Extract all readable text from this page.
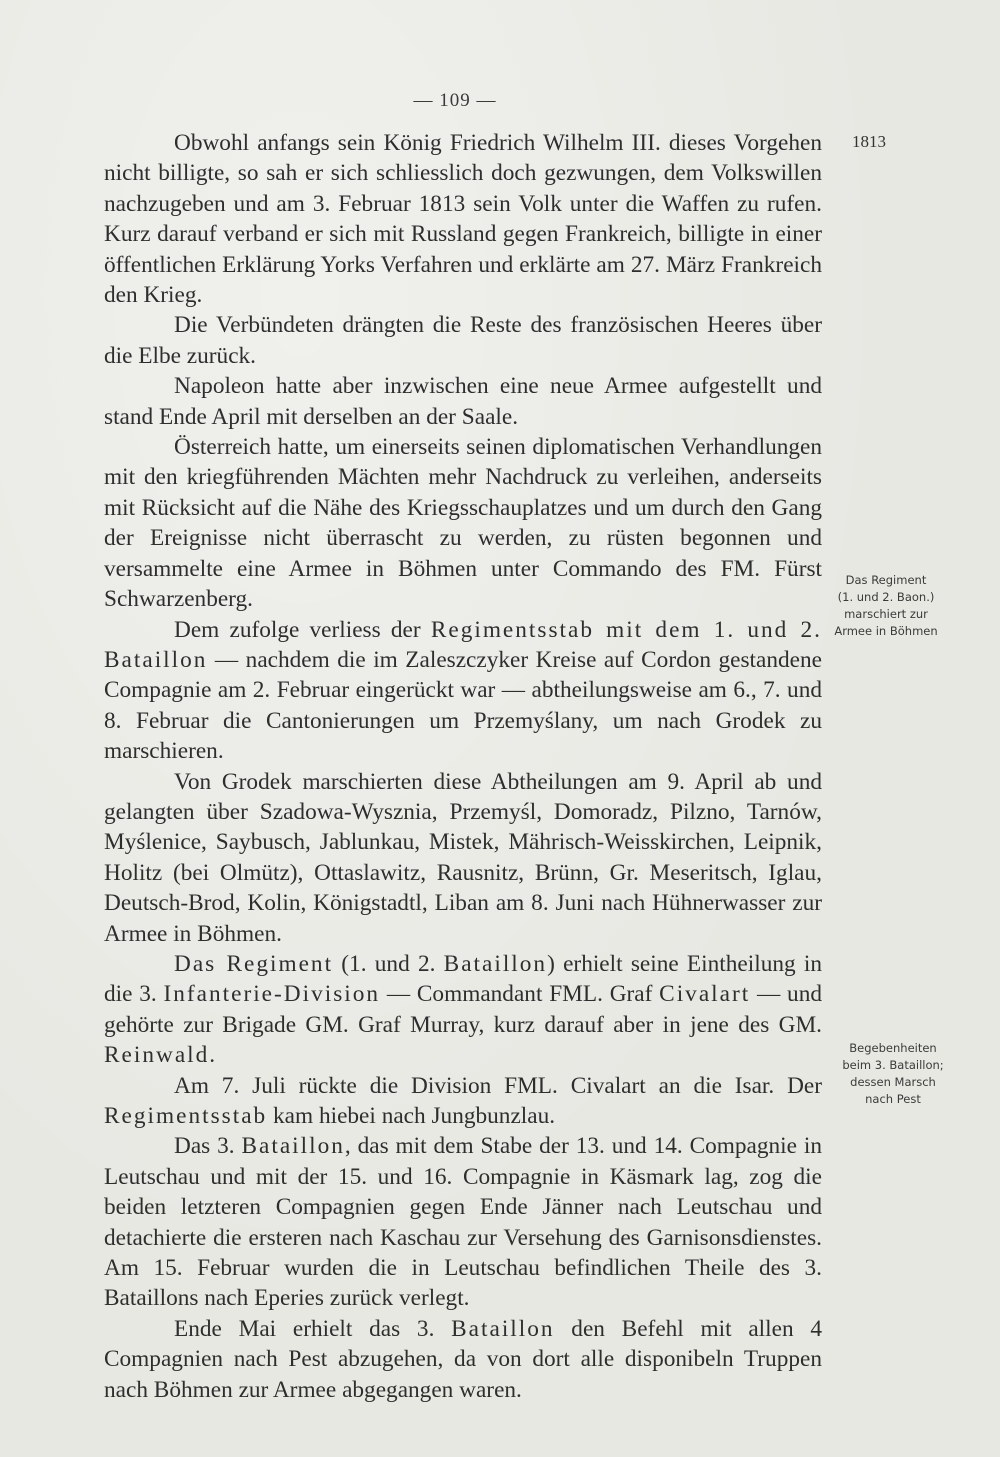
— 109 —
1813

Obwohl anfangs sein König Friedrich Wilhelm III. dieses Vorgehen nicht billigte, so sah er sich schliesslich doch gezwungen, dem Volkswillen nachzugeben und am 3. Februar 1813 sein Volk unter die Waffen zu rufen. Kurz darauf verband er sich mit Russland gegen Frankreich, billigte in einer öffentlichen Erklärung Yorks Verfahren und erklärte am 27. März Frankreich den Krieg.

Die Verbündeten drängten die Reste des französischen Heeres über die Elbe zurück.

Napoleon hatte aber inzwischen eine neue Armee aufgestellt und stand Ende April mit derselben an der Saale.

Österreich hatte, um einerseits seinen diplomatischen Verhandlungen mit den kriegführenden Mächten mehr Nachdruck zu verleihen, anderseits mit Rücksicht auf die Nähe des Kriegsschauplatzes und um durch den Gang der Ereignisse nicht überrascht zu werden, zu rüsten begonnen und versammelte eine Armee in Böhmen unter Commando des FM. Fürst Schwarzenberg.

Dem zufolge verliess der Regimentsstab mit dem 1. und 2. Bataillon — nachdem die im Zaleszczyker Kreise auf Cordon gestandene Compagnie am 2. Februar eingerückt war — abtheilungsweise am 6., 7. und 8. Februar die Cantonierungen um Przemyślany, um nach Grodek zu marschieren.

Von Grodek marschierten diese Abtheilungen am 9. April ab und gelangten über Szadowa-Wysznia, Przemyśl, Domoradz, Pilzno, Tarnów, Myślenice, Saybusch, Jablunkau, Mistek, Mährisch-Weisskirchen, Leipnik, Holitz (bei Olmütz), Ottaslawitz, Rausnitz, Brünn, Gr. Meseritsch, Iglau, Deutsch-Brod, Kolin, Königstadtl, Liban am 8. Juni nach Hühnerwasser zur Armee in Böhmen.

Das Regiment (1. und 2. Bataillon) erhielt seine Eintheilung in die 3. Infanterie-Division — Commandant FML. Graf Civalart — und gehörte zur Brigade GM. Graf Murray, kurz darauf aber in jene des GM. Reinwald.

Am 7. Juli rückte die Division FML. Civalart an die Isar. Der Regimentsstab kam hiebei nach Jungbunzlau.

Das 3. Bataillon, das mit dem Stabe der 13. und 14. Compagnie in Leutschau und mit der 15. und 16. Compagnie in Käsmark lag, zog die beiden letzteren Compagnien gegen Ende Jänner nach Leutschau und detachierte die ersteren nach Kaschau zur Versehung des Garnisonsdienstes. Am 15. Februar wurden die in Leutschau befindlichen Theile des 3. Bataillons nach Eperies zurück verlegt.

Ende Mai erhielt das 3. Bataillon den Befehl mit allen 4 Compagnien nach Pest abzugehen, da von dort alle disponibeln Truppen nach Böhmen zur Armee abgegangen waren.

Das Regiment
(1. und 2. Baon.)
marschiert zur
Armee in Böhmen
Begebenheiten
beim 3. Bataillon;
dessen Marsch
nach Pest
